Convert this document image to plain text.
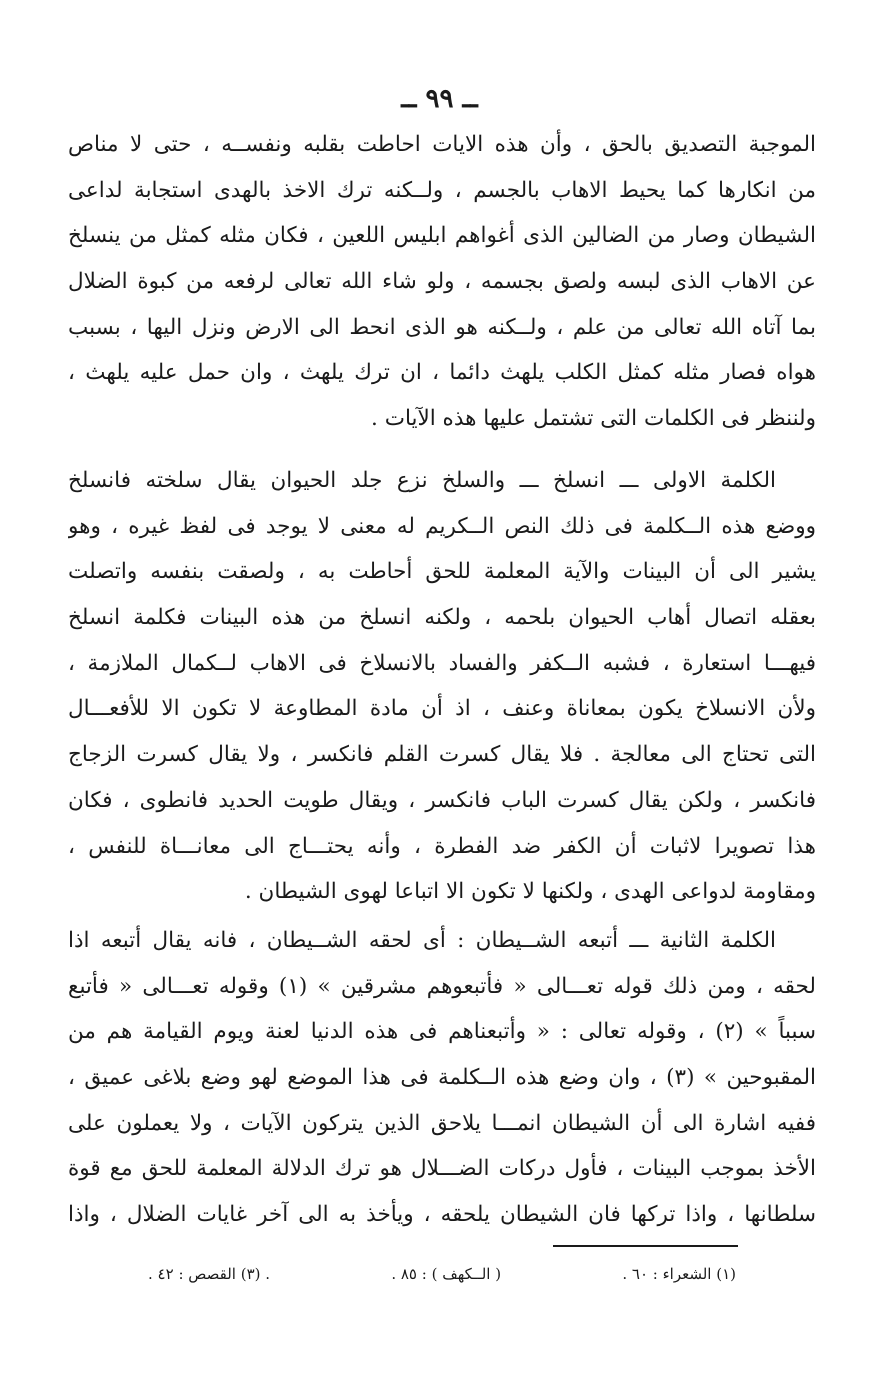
ــ ٩٩ ــ
الموجبة التصديق بالحق ، وأن هذه الايات احاطت بقلبه ونفســه ، حتى لا مناص
من انكارها كما يحيط الاهاب بالجسم ، ولــكنه ترك الاخذ بالهدى استجابة لداعى
الشيطان وصار من الضالين الذى أغواهم ابليس اللعين ، فكان مثله كمثل من ينسلخ
عن الاهاب الذى لبسه ولصق بجسمه ، ولو شاء الله تعالى لرفعه من كبوة الضلال
بما آتاه الله تعالى من علم ، ولــكنه هو الذى انحط الى الارض ونزل اليها ، بسبب
هواه فصار مثله كمثل الكلب يلهث دائما ، ان ترك يلهث ، وان حمل عليه يلهث ،
ولننظر فى الكلمات التى تشتمل عليها هذه الآيات .
الكلمة الاولى ـــ انسلخ ـــ والسلخ نزع جلد الحيوان يقال سلخته فانسلخ
ووضع هذه الــكلمة فى ذلك النص الــكريم له معنى لا يوجد فى لفظ غيره ، وهو
يشير الى أن البينات والآية المعلمة للحق أحاطت به ، ولصقت بنفسه واتصلت
بعقله اتصال أهاب الحيوان بلحمه ، ولكنه انسلخ من هذه البينات فكلمة انسلخ
فيهـــا استعارة ، فشبه الــكفر والفساد بالانسلاخ فى الاهاب لــكمال الملازمة ،
ولأن الانسلاخ يكون بمعاناة وعنف ، اذ أن مادة المطاوعة لا تكون الا للأفعـــال
التى تحتاج الى معالجة . فلا يقال كسرت القلم فانكسر ، ولا يقال كسرت الزجاج
فانكسر ، ولكن يقال كسرت الباب فانكسر ، ويقال طويت الحديد فانطوى ، فكان
هذا تصويرا لاثبات أن الكفر ضد الفطرة ، وأنه يحتـــاج الى معانـــاة للنفس ،
ومقاومة لدواعى الهدى ، ولكنها لا تكون الا اتباعا لهوى الشيطان .
الكلمة الثانية ـــ أتبعه الشــيطان : أى لحقه الشــيطان ، فانه يقال أتبعه اذا
لحقه ، ومن ذلك قوله تعـــالى « فأتبعوهم مشرقين » (١) وقوله تعـــالى « فأتبع
سبباً » (٢) ، وقوله تعالى : « وأتبعناهم فى هذه الدنيا لعنة ويوم القيامة هم من
المقبوحين » (٣) ، وان وضع هذه الــكلمة فى هذا الموضع لهو وضع بلاغى عميق ،
ففيه اشارة الى أن الشيطان انمـــا يلاحق الذين يتركون الآيات ، ولا يعملون على
الأخذ بموجب البينات ، فأول دركات الضـــلال هو ترك الدلالة المعلمة للحق مع قوة
سلطانها ، واذا تركها فان الشيطان يلحقه ، ويأخذ به الى آخر غايات الضلال ، واذا
(١) الشعراء : ٦٠ .
( الــكهف ) : ٨٥ .
. (٣) القصص : ٤٢ .
